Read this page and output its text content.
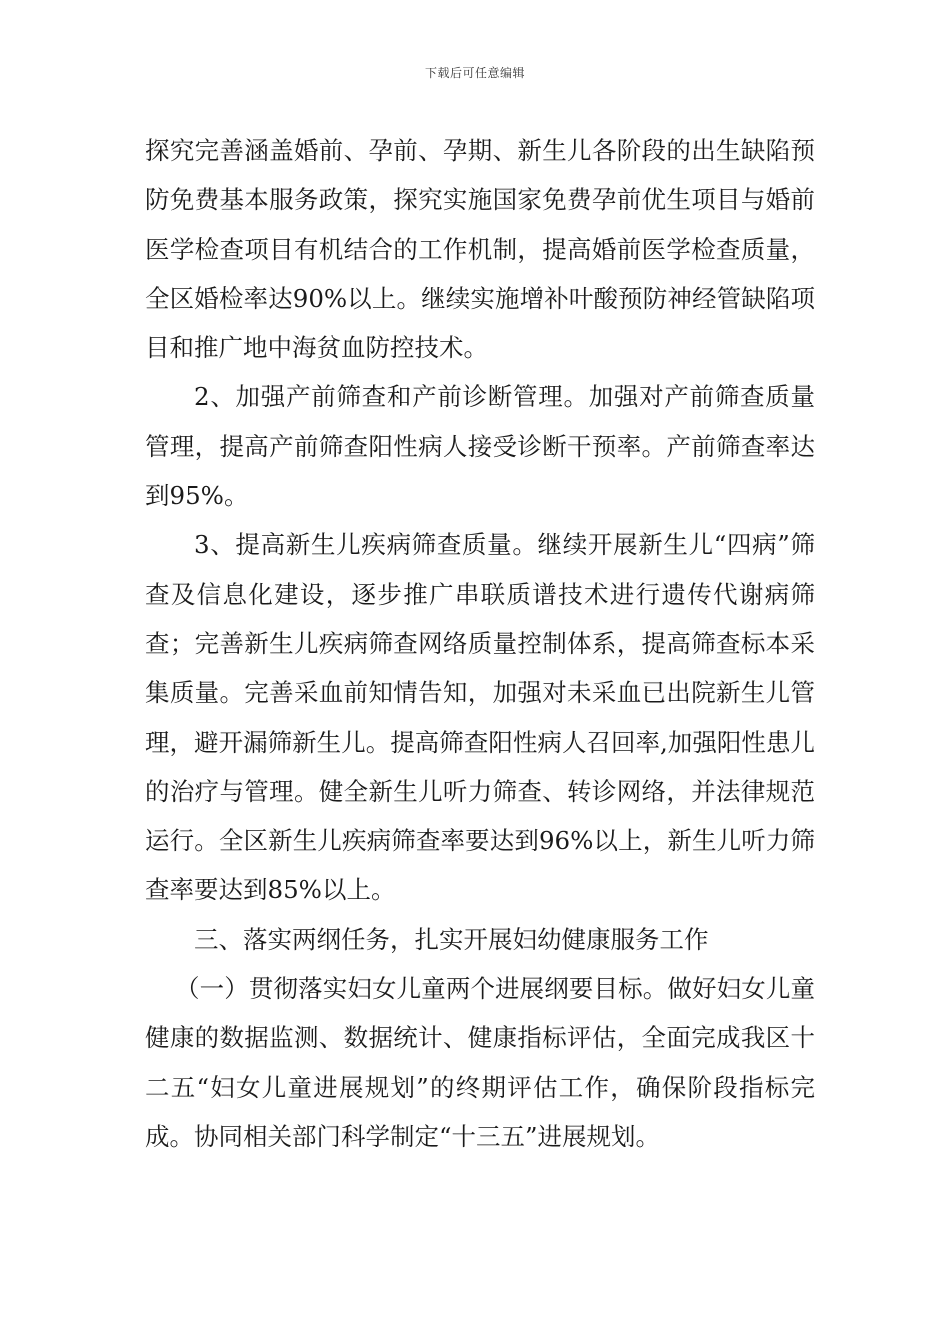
下载后可任意编辑

探究完善涵盖婚前、孕前、孕期、新生儿各阶段的出生缺陷预防免费基本服务政策，探究实施国家免费孕前优生项目与婚前医学检查项目有机结合的工作机制，提高婚前医学检查质量，全区婚检率达90%以上。继续实施增补叶酸预防神经管缺陷项目和推广地中海贫血防控技术。

2、加强产前筛查和产前诊断管理。加强对产前筛查质量管理，提高产前筛查阳性病人接受诊断干预率。产前筛查率达到95%。

3、提高新生儿疾病筛查质量。继续开展新生儿“四病”筛查及信息化建设，逐步推广串联质谱技术进行遗传代谢病筛查；完善新生儿疾病筛查网络质量控制体系，提高筛查标本采集质量。完善采血前知情告知，加强对未采血已出院新生儿管理，避开漏筛新生儿。提高筛查阳性病人召回率,加强阳性患儿的治疗与管理。健全新生儿听力筛查、转诊网络，并法律规范运行。全区新生儿疾病筛查率要达到96%以上，新生儿听力筛查率要达到85%以上。

三、落实两纲任务，扎实开展妇幼健康服务工作

（一）贯彻落实妇女儿童两个进展纲要目标。做好妇女儿童健康的数据监测、数据统计、健康指标评估，全面完成我区十二五“妇女儿童进展规划”的终期评估工作，确保阶段指标完成。协同相关部门科学制定“十三五”进展规划。
